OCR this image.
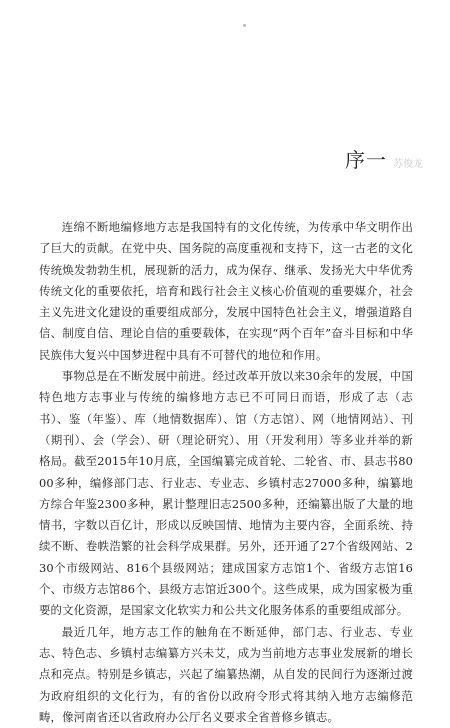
序一 苏俊龙

连绵不断地编修地方志是我国特有的文化传统，为传承中华文明作出了巨大的贡献。在党中央、国务院的高度重视和支持下，这一古老的文化传统焕发勃勃生机，展现新的活力，成为保存、继承、发扬光大中华优秀传统文化的重要依托，培育和践行社会主义核心价值观的重要媒介，社会主义先进文化建设的重要组成部分，发展中国特色社会主义，增强道路自信、制度自信、理论自信的重要载体，在实现“两个百年”奋斗目标和中华民族伟大复兴中国梦进程中具有不可替代的地位和作用。

事物总是在不断发展中前进。经过改革开放以来30余年的发展，中国特色地方志事业与传统的编修地方志已不可同日而语，形成了志（志书）、鉴（年鉴）、库（地情数据库）、馆（方志馆）、网（地情网站）、刊（期刊）、会（学会）、研（理论研究）、用（开发利用）等多业并举的新格局。截至2015年10月底，全国编纂完成首轮、二轮省、市、县志书8000多种，编修部门志、行业志、专业志、乡镇村志27000多种，编纂地方综合年鉴2300多种，累计整理旧志2500多种，还编纂出版了大量的地情书，字数以百亿计，形成以反映国情、地情为主要内容，全面系统、持续不断、卷帙浩繁的社会科学成果群。另外，还开通了27个省级网站、230个市级网站、816个县级网站；建成国家方志馆1个、省级方志馆16个、市级方志馆86个、县级方志馆近300个。这些成果，成为国家极为重要的文化资源，是国家文化软实力和公共文化服务体系的重要组成部分。

最近几年，地方志工作的触角在不断延伸，部门志、行业志、专业志、特色志、乡镇村志编纂方兴未艾，成为当前地方志事业发展新的增长点和亮点。特别是乡镇志，兴起了编纂热潮，从自发的民间行为逐渐过渡为政府组织的文化行为，有的省份以政府令形式将其纳入地方志编修范畴，像河南省还以省政府办公厅名义要求全省普修乡镇志。
